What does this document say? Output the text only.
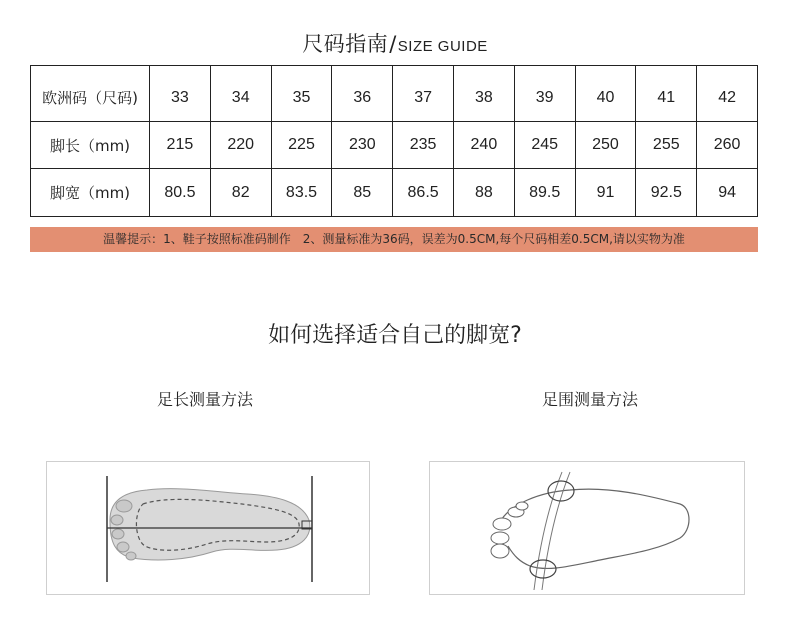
尺码指南/SIZE GUIDE
欧洲码（尺码)	33	34	35	36	37	38	39	40	41	42
脚长（mm)	215	220	225	230	235	240	245	250	255	260
脚宽（mm)	80.5	82	83.5	85	86.5	88	89.5	91	92.5	94
温馨提示：1、鞋子按照标准码制作　2、测量标准为36码，误差为0.5CM,每个尺码相差0.5CM,请以实物为准
如何选择适合自己的脚宽?
足长测量方法	足围测量方法
